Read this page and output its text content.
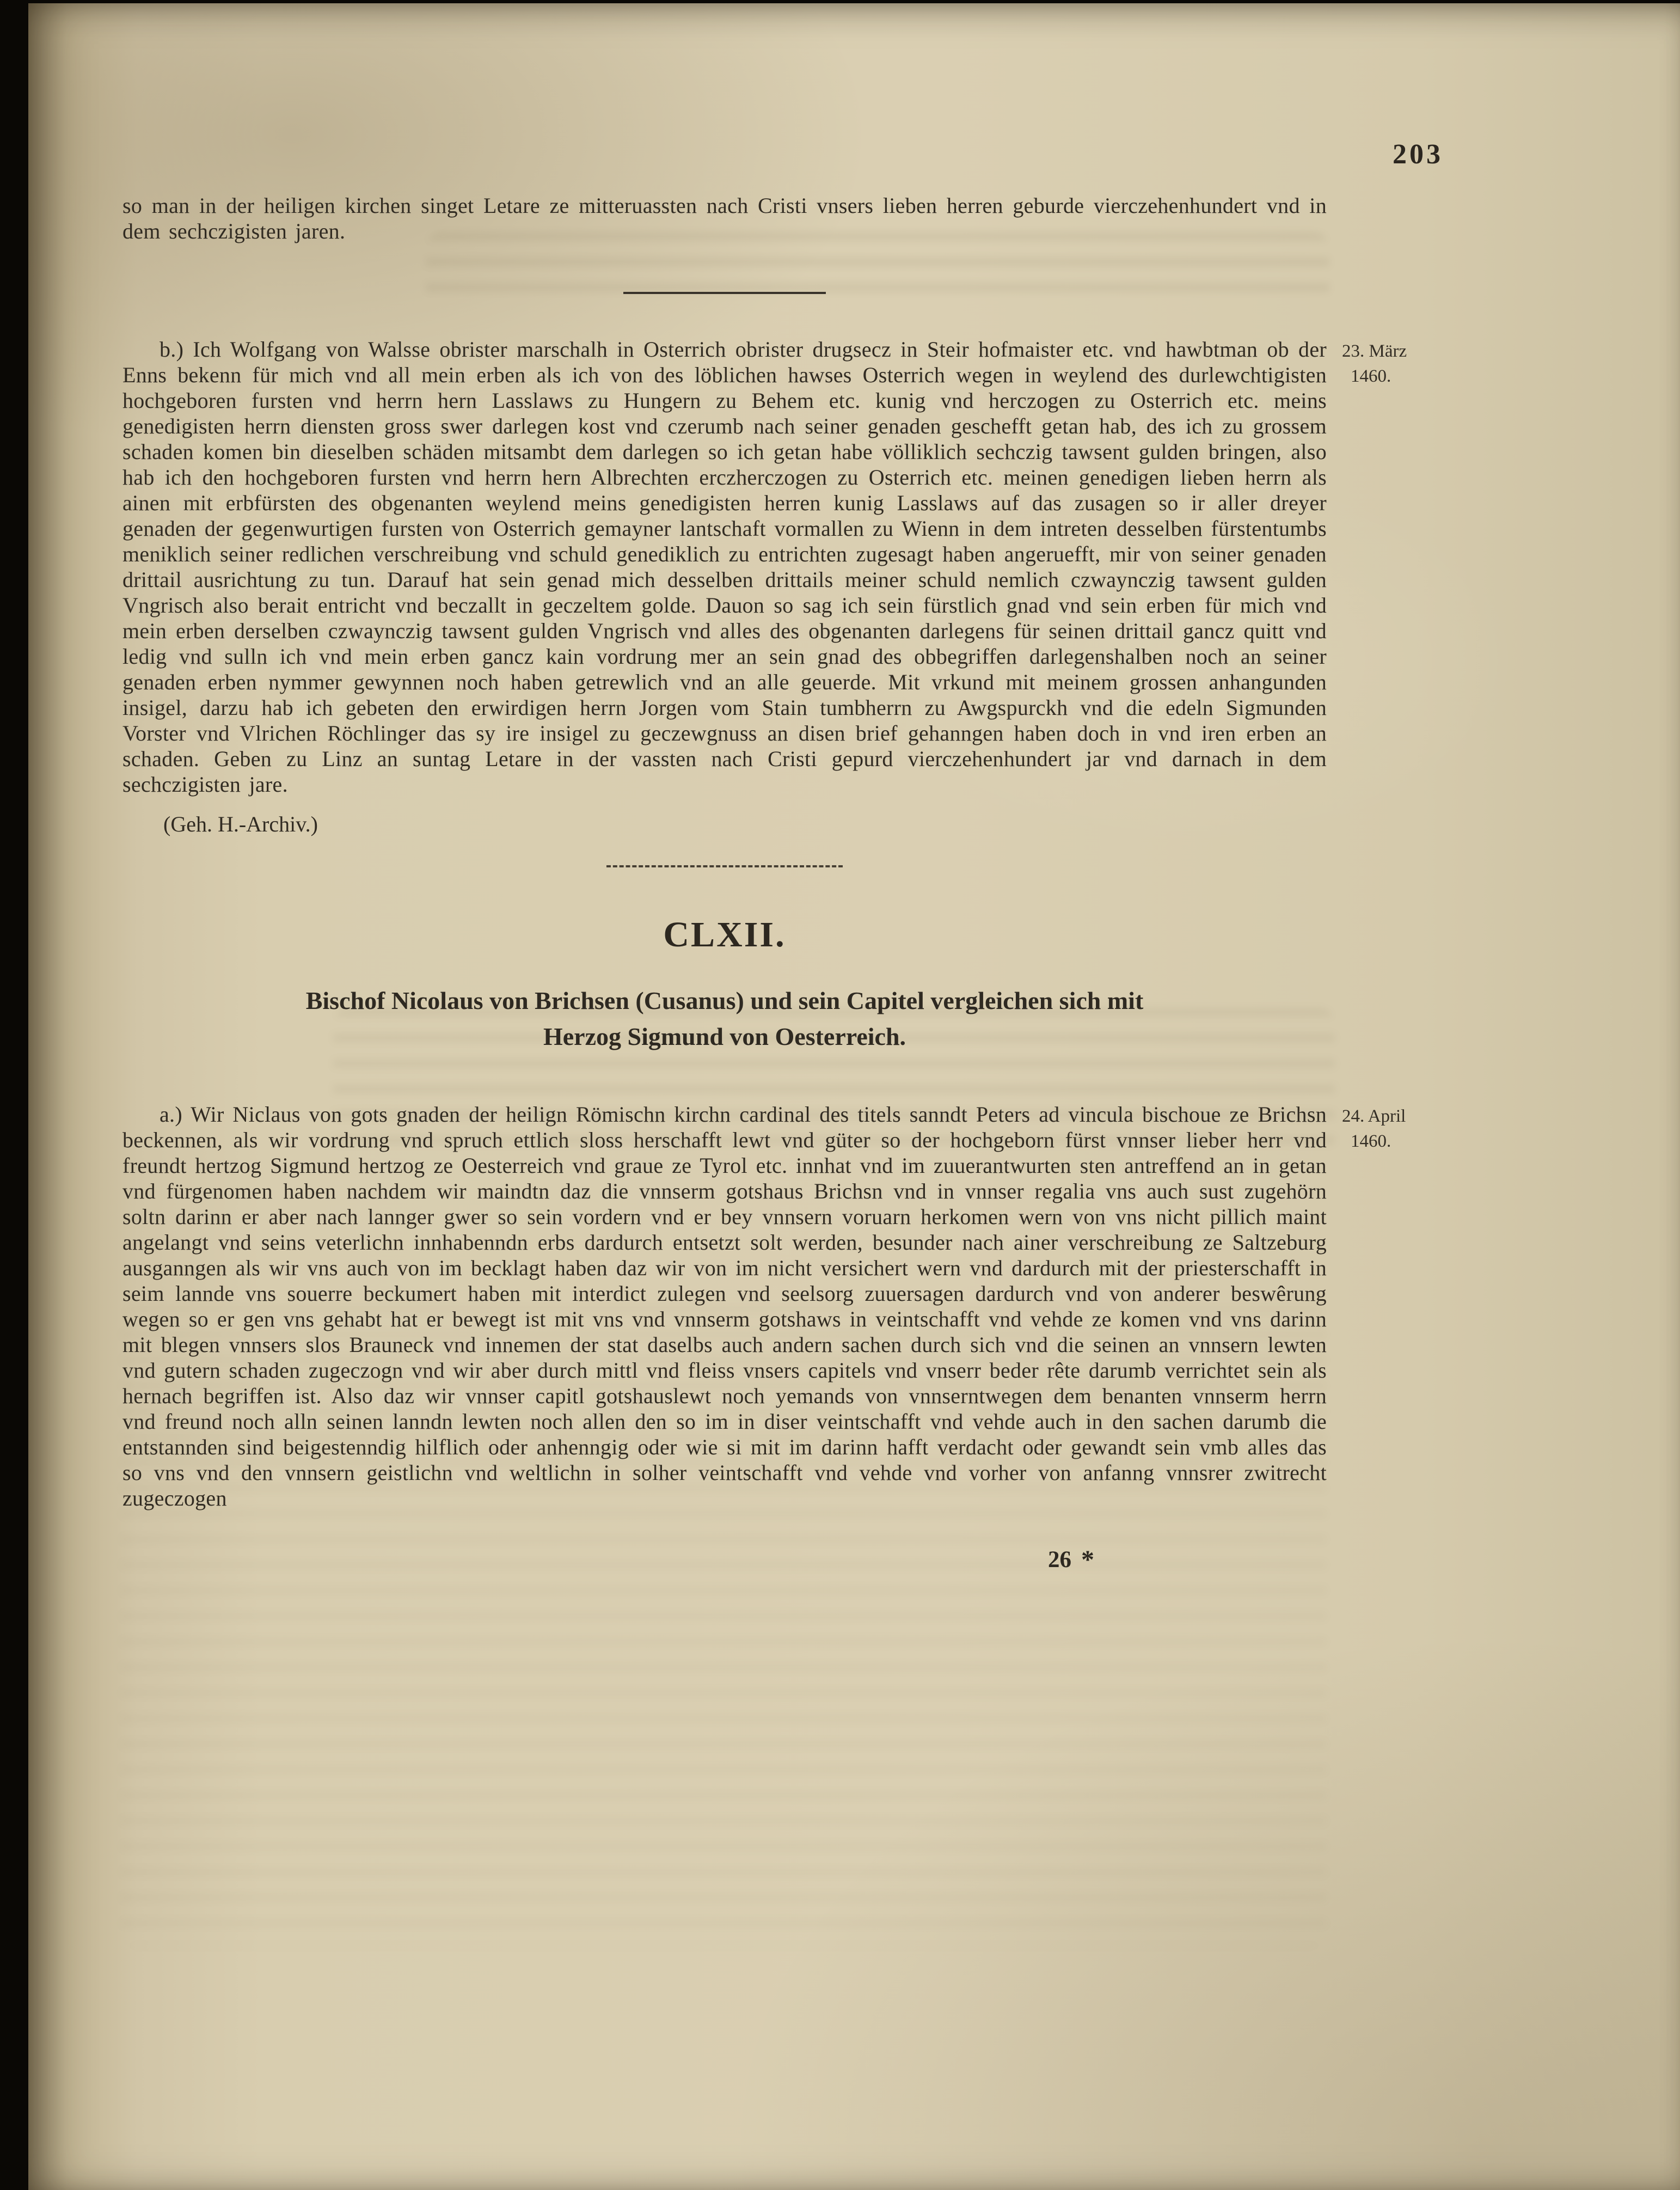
203

so man in der heiligen kirchen singet Letare ze mitteruassten nach Cristi vnsers lieben herren geburde vierczehenhundert vnd in dem sechczigisten jaren.

b.) Ich Wolfgang von Walsse obrister marschalh in Osterrich obrister drugsecz in Steir hofmaister etc. vnd hawbtman ob der Enns bekenn für mich vnd all mein erben als ich von des löblichen hawses Osterrich wegen in weylend des durlewchtigisten hochgeboren fursten vnd herrn hern Lasslaws zu Hungern zu Behem etc. kunig vnd herczogen zu Osterrich etc. meins genedigisten herrn diensten gross swer darlegen kost vnd czerumb nach seiner genaden geschefft getan hab, des ich zu grossem schaden komen bin dieselben schäden mitsambt dem darlegen so ich getan habe völliklich sechczig tawsent gulden bringen, also hab ich den hochgeboren fursten vnd herrn hern Albrechten erczherczogen zu Osterrich etc. meinen genedigen lieben herrn als ainen mit erbfürsten des obgenanten weylend meins genedigisten herren kunig Lasslaws auf das zusagen so ir aller dreyer genaden der gegenwurtigen fursten von Osterrich gemayner lantschaft vormallen zu Wienn in dem intreten desselben fürstentumbs meniklich seiner redlichen verschreibung vnd schuld genediklich zu entrichten zugesagt haben angeruefft, mir von seiner genaden drittail ausrichtung zu tun. Darauf hat sein genad mich desselben drittails meiner schuld nemlich czwaynczig tawsent gulden Vngrisch also berait entricht vnd beczallt in geczeltem golde. Dauon so sag ich sein fürstlich gnad vnd sein erben für mich vnd mein erben derselben czwaynczig tawsent gulden Vngrisch vnd alles des obgenanten darlegens für seinen drittail gancz quitt vnd ledig vnd sulln ich vnd mein erben gancz kain vordrung mer an sein gnad des obbegriffen darlegenshalben noch an seiner genaden erben nymmer gewynnen noch haben getrewlich vnd an alle geuerde. Mit vrkund mit meinem grossen anhangunden insigel, darzu hab ich gebeten den erwirdigen herrn Jorgen vom Stain tumbherrn zu Awgspurckh vnd die edeln Sigmunden Vorster vnd Vlrichen Röchlinger das sy ire insigel zu geczewgnuss an disen brief gehanngen haben doch in vnd iren erben an schaden. Geben zu Linz an suntag Letare in der vassten nach Cristi gepurd vierczehenhundert jar vnd darnach in dem sechczigisten jare.

(Geh. H.-Archiv.)

23. März
1460.
CLXII.
Bischof Nicolaus von Brichsen (Cusanus) und sein Capitel vergleichen sich mit
Herzog Sigmund von Oesterreich.

a.) Wir Niclaus von gots gnaden der heilign Römischn kirchn cardinal des titels sanndt Peters ad vincula bischoue ze Brichsn beckennen, als wir vordrung vnd spruch ettlich sloss herschafft lewt vnd güter so der hochgeborn fürst vnnser lieber herr vnd freundt hertzog Sigmund hertzog ze Oesterreich vnd graue ze Tyrol etc. innhat vnd im zuuerantwurten sten antreffend an in getan vnd fürgenomen haben nachdem wir maindtn daz die vnnserm gotshaus Brichsn vnd in vnnser regalia vns auch sust zugehörn soltn darinn er aber nach lannger gwer so sein vordern vnd er bey vnnsern voruarn herkomen wern von vns nicht pillich maint angelangt vnd seins veterlichn innhabenndn erbs dardurch entsetzt solt werden, besunder nach ainer verschreibung ze Saltzeburg ausganngen als wir vns auch von im becklagt haben daz wir von im nicht versichert wern vnd dardurch mit der priesterschafft in seim lannde vns souerre beckumert haben mit interdict zulegen vnd seelsorg zuuersagen dardurch vnd von anderer beswêrung wegen so er gen vns gehabt hat er bewegt ist mit vns vnd vnnserm gotshaws in veintschafft vnd vehde ze komen vnd vns darinn mit blegen vnnsers slos Brauneck vnd innemen der stat daselbs auch andern sachen durch sich vnd die seinen an vnnsern lewten vnd gutern schaden zugeczogn vnd wir aber durch mittl vnd fleiss vnsers capitels vnd vnserr beder rête darumb verrichtet sein als hernach begriffen ist. Also daz wir vnnser capitl gotshauslewt noch yemands von vnnserntwegen dem benanten vnnserm herrn vnd freund noch alln seinen lanndn lewten noch allen den so im in diser veintschafft vnd vehde auch in den sachen darumb die entstannden sind beigestenndig hilflich oder anhenngig oder wie si mit im darinn hafft verdacht oder gewandt sein vmb alles das so vns vnd den vnnsern geistlichn vnd weltlichn in solher veintschafft vnd vehde vnd vorher von anfanng vnnsrer zwitrecht zugeczogen

24. April
1460.
26 *
